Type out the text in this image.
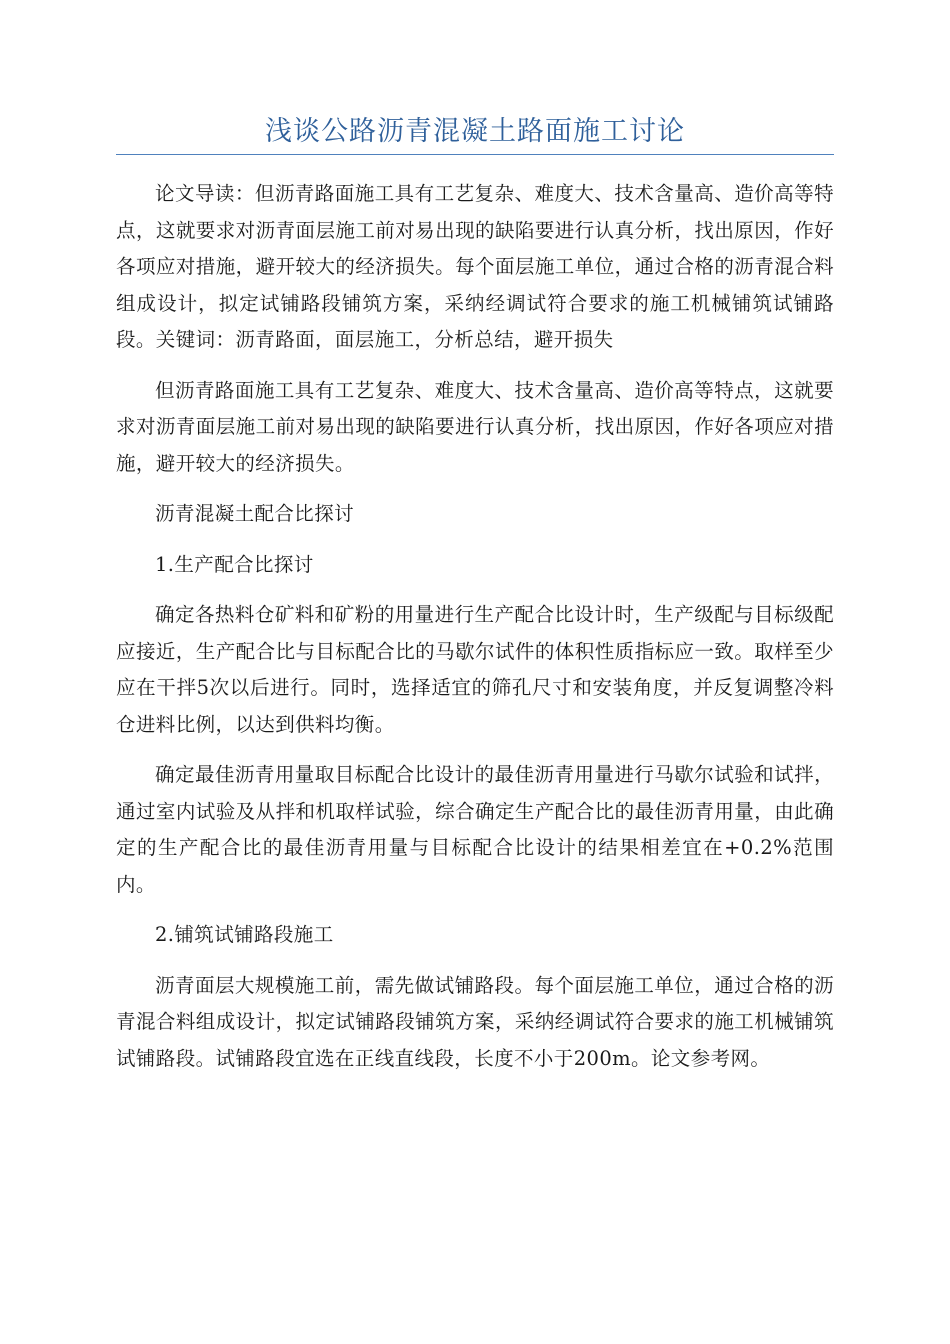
浅谈公路沥青混凝土路面施工讨论

论文导读：但沥青路面施工具有工艺复杂、难度大、技术含量高、造价高等特点，这就要求对沥青面层施工前对易出现的缺陷要进行认真分析，找出原因，作好各项应对措施，避开较大的经济损失。每个面层施工单位，通过合格的沥青混合料组成设计，拟定试铺路段铺筑方案，采纳经调试符合要求的施工机械铺筑试铺路段。关键词：沥青路面，面层施工，分析总结，避开损失

但沥青路面施工具有工艺复杂、难度大、技术含量高、造价高等特点，这就要求对沥青面层施工前对易出现的缺陷要进行认真分析，找出原因，作好各项应对措施，避开较大的经济损失。

沥青混凝土配合比探讨

1.生产配合比探讨

确定各热料仓矿料和矿粉的用量进行生产配合比设计时，生产级配与目标级配应接近，生产配合比与目标配合比的马歇尔试件的体积性质指标应一致。取样至少应在干拌5次以后进行。同时，选择适宜的筛孔尺寸和安装角度，并反复调整冷料仓进料比例，以达到供料均衡。

确定最佳沥青用量取目标配合比设计的最佳沥青用量进行马歇尔试验和试拌，通过室内试验及从拌和机取样试验，综合确定生产配合比的最佳沥青用量，由此确定的生产配合比的最佳沥青用量与目标配合比设计的结果相差宜在+0.2%范围内。

2.铺筑试铺路段施工

沥青面层大规模施工前，需先做试铺路段。每个面层施工单位，通过合格的沥青混合料组成设计，拟定试铺路段铺筑方案，采纳经调试符合要求的施工机械铺筑试铺路段。试铺路段宜选在正线直线段，长度不小于200m。论文参考网。
